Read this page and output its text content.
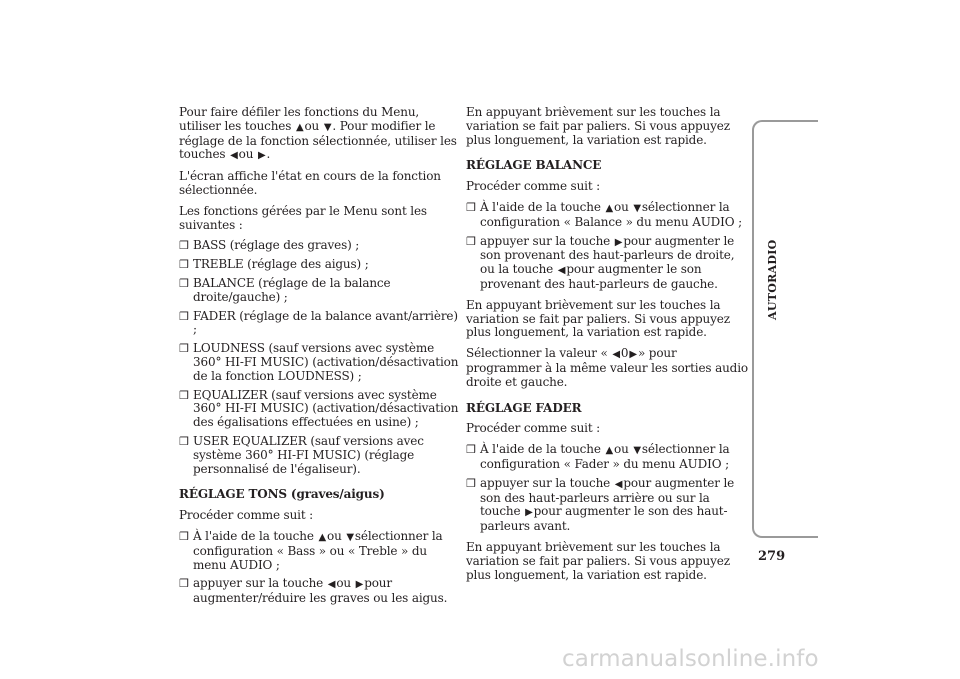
Pour faire défiler les fonctions du Menu, utiliser les touches ▲ou ▼. Pour modifier le réglage de la fonction sélectionnée, utiliser les touches ◀ou ▶.

L'écran affiche l'état en cours de la fonction sélectionnée.

Les fonctions gérées par le Menu sont les suivantes :

❒ BASS (réglage des graves) ;
❒ TREBLE (réglage des aigus) ;
❒ BALANCE (réglage de la balance droite/gauche) ;
❒ FADER (réglage de la balance avant/arrière) ;
❒ LOUDNESS (sauf versions avec système 360° HI-FI MUSIC) (activation/désactivation de la fonction LOUDNESS) ;
❒ EQUALIZER (sauf versions avec système 360° HI-FI MUSIC) (activation/désactivation des égalisations effectuées en usine) ;
❒ USER EQUALIZER (sauf versions avec système 360° HI-FI MUSIC) (réglage personnalisé de l'égaliseur).
RÉGLAGE TONS (graves/aigus)

Procéder comme suit :

❒ À l'aide de la touche ▲ou ▼sélectionner la configuration « Bass » ou « Treble » du menu AUDIO ;
❒ appuyer sur la touche ◀ou ▶pour augmenter/réduire les graves ou les aigus.

En appuyant brièvement sur les touches la variation se fait par paliers. Si vous appuyez plus longuement, la variation est rapide.

RÉGLAGE BALANCE

Procéder comme suit :

❒ À l'aide de la touche ▲ou ▼sélectionner la configuration « Balance » du menu AUDIO ;
❒ appuyer sur la touche ▶pour augmenter le son provenant des haut-parleurs de droite, ou la touche ◀pour augmenter le son provenant des haut-parleurs de gauche.

En appuyant brièvement sur les touches la variation se fait par paliers. Si vous appuyez plus longuement, la variation est rapide.

Sélectionner la valeur « ◀0▶» pour programmer à la même valeur les sorties audio droite et gauche.

RÉGLAGE FADER

Procéder comme suit :

❒ À l'aide de la touche ▲ou ▼sélectionner la configuration « Fader » du menu AUDIO ;
❒ appuyer sur la touche ◀pour augmenter le son des haut-parleurs arrière ou sur la touche ▶pour augmenter le son des haut-parleurs avant.

En appuyant brièvement sur les touches la variation se fait par paliers. Si vous appuyez plus longuement, la variation est rapide.

AUTORADIO
279
carmanualsonline.info
